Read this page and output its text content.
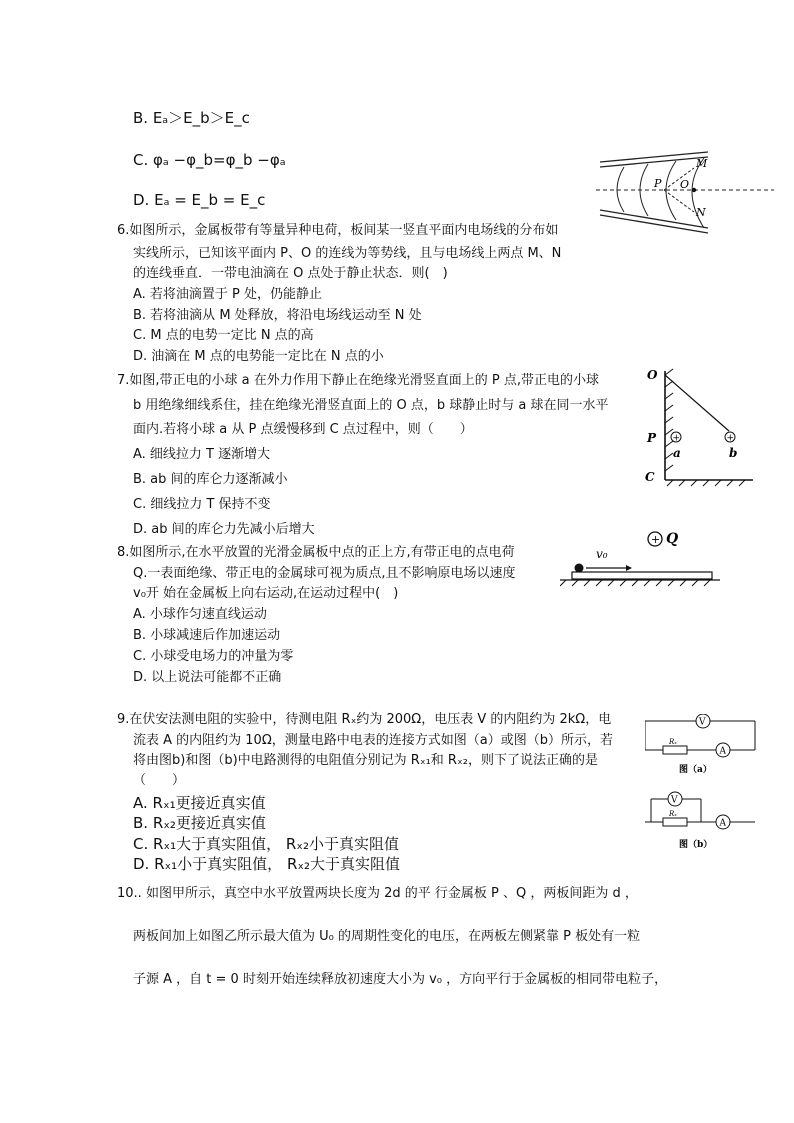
B. Eₐ＞E_b＞E_c
C. φₐ −φ_b=φ_b −φₐ
D. Eₐ = E_b = E_c
P O
M
N
6.如图所示，金属板带有等量异种电荷，板间某一竖直平面内电场线的分布如
实线所示，已知该平面内 P、O 的连线为等势线，且与电场线上两点 M、N
的连线垂直．一带电油滴在 O 点处于静止状态．则(　)
A. 若将油滴置于 P 处，仍能静止
B. 若将油滴从 M 处释放，将沿电场线运动至 N 处
C. M 点的电势一定比 N 点的高
D. 油滴在 M 点的电势能一定比在 N 点的小
7.如图,带正电的小球 a 在外力作用下静止在绝缘光滑竖直面上的 P 点,带正电的小球
b 用绝缘细线系住，挂在绝缘光滑竖直面上的 O 点，b 球静止时与 a 球在同一水平
面内.若将小球 a 从 P 点缓慢移到 C 点过程中，则（　　）
A. 细线拉力 T 逐渐增大
B. ab 间的库仑力逐渐减小
C. 细线拉力 T 保持不变
D. ab 间的库仑力先减小后增大
+	+
O
P
C
a	b
8.如图所示,在水平放置的光滑金属板中点的正上方,有带正电的点电荷
Q.一表面绝缘、带正电的金属球可视为质点,且不影响原电场以速度
v₀开 始在金属板上向右运动,在运动过程中(　)
A. 小球作匀速直线运动
B. 小球减速后作加速运动
C. 小球受电场力的冲量为零
D. 以上说法可能都不正确
+ Q
v₀
9.在伏安法测电阻的实验中，待测电阻 Rₓ约为 200Ω，电压表 V 的内阻约为 2kΩ，电
流表 A 的内阻约为 10Ω，测量电路中电表的连接方式如图（a）或图（b）所示，若
将由图b)和图（b)中电路测得的电阻值分别记为 Rₓ₁和 Rₓ₂，则下了说法正确的是
（　　）
A. Rₓ₁更接近真实值
B. Rₓ₂更接近真实值
C. Rₓ₁大于真实阻值， Rₓ₂小于真实阻值
D. Rₓ₁小于真实阻值， Rₓ₂大于真实阻值
V
Rₓ
A
图（a）
V
Rₓ
A
图（b）
10.. 如图甲所示，真空中水平放置两块长度为 2d 的平 行金属板 P 、Q ，两板间距为 d ，
两板间加上如图乙所示最大值为 U₀ 的周期性变化的电压，在两板左侧紧靠 P 板处有一粒
子源 A ，自 t = 0 时刻开始连续释放初速度大小为 v₀ ，方向平行于金属板的相同带电粒子，
